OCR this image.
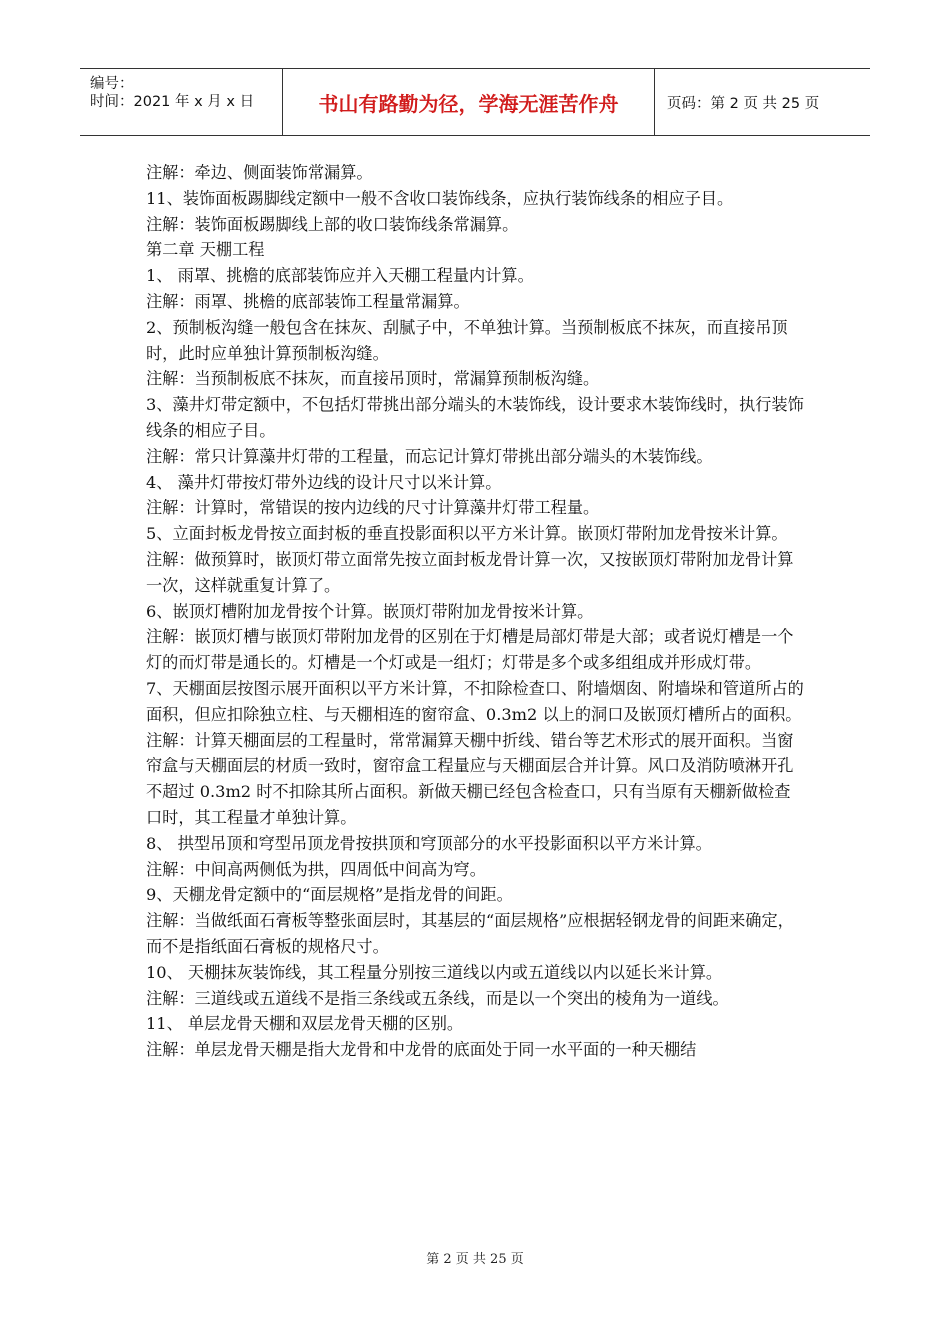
编号：
时间：2021 年 x 月 x 日	书山有路勤为径，学海无涯苦作舟	页码：第 2 页 共 25 页

注解：牵边、侧面装饰常漏算。

11、装饰面板踢脚线定额中一般不含收口装饰线条，应执行装饰线条的相应子目。

注解：装饰面板踢脚线上部的收口装饰线条常漏算。

第二章 天棚工程

1、 雨罩、挑檐的底部装饰应并入天棚工程量内计算。

注解：雨罩、挑檐的底部装饰工程量常漏算。

2、预制板沟缝一般包含在抹灰、刮腻子中，不单独计算。当预制板底不抹灰，而直接吊顶时，此时应单独计算预制板沟缝。

注解：当预制板底不抹灰，而直接吊顶时，常漏算预制板沟缝。

3、藻井灯带定额中，不包括灯带挑出部分端头的木装饰线，设计要求木装饰线时，执行装饰线条的相应子目。

注解：常只计算藻井灯带的工程量，而忘记计算灯带挑出部分端头的木装饰线。

4、 藻井灯带按灯带外边线的设计尺寸以米计算。

注解：计算时，常错误的按内边线的尺寸计算藻井灯带工程量。

5、立面封板龙骨按立面封板的垂直投影面积以平方米计算。嵌顶灯带附加龙骨按米计算。

注解：做预算时，嵌顶灯带立面常先按立面封板龙骨计算一次，又按嵌顶灯带附加龙骨计算一次，这样就重复计算了。

6、嵌顶灯槽附加龙骨按个计算。嵌顶灯带附加龙骨按米计算。

注解：嵌顶灯槽与嵌顶灯带附加龙骨的区别在于灯槽是局部灯带是大部；或者说灯槽是一个灯的而灯带是通长的。灯槽是一个灯或是一组灯；灯带是多个或多组组成并形成灯带。

7、天棚面层按图示展开面积以平方米计算，不扣除检查口、附墙烟囱、附墙垛和管道所占的面积，但应扣除独立柱、与天棚相连的窗帘盒、0.3m2 以上的洞口及嵌顶灯槽所占的面积。

注解：计算天棚面层的工程量时，常常漏算天棚中折线、错台等艺术形式的展开面积。当窗帘盒与天棚面层的材质一致时，窗帘盒工程量应与天棚面层合并计算。风口及消防喷淋开孔不超过 0.3m2 时不扣除其所占面积。新做天棚已经包含检查口，只有当原有天棚新做检查口时，其工程量才单独计算。

8、 拱型吊顶和穹型吊顶龙骨按拱顶和穹顶部分的水平投影面积以平方米计算。

注解：中间高两侧低为拱，四周低中间高为穹。

9、天棚龙骨定额中的“面层规格”是指龙骨的间距。

注解：当做纸面石膏板等整张面层时，其基层的“面层规格”应根据轻钢龙骨的间距来确定，而不是指纸面石膏板的规格尺寸。

10、 天棚抹灰装饰线，其工程量分别按三道线以内或五道线以内以延长米计算。

注解：三道线或五道线不是指三条线或五条线，而是以一个突出的棱角为一道线。

11、 单层龙骨天棚和双层龙骨天棚的区别。

注解：单层龙骨天棚是指大龙骨和中龙骨的底面处于同一水平面的一种天棚结

第 2 页 共 25 页
